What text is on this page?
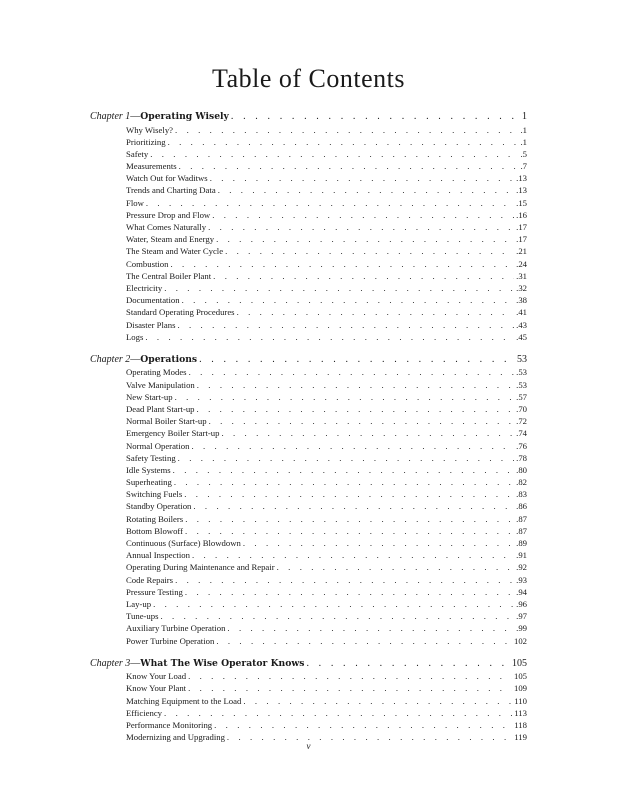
Table of Contents
Chapter 1 — Operating Wisely . . .	1
Why Wisely? . . .	.1
Prioritizing . . .	.1
Safety . . .	.5
Measurements . . .	.7
Watch Out for Waditws . . .	.13
Trends and Charting Data . . .	.13
Flow . . .	.15
Pressure Drop and Flow . . .	.16
What Comes Naturally . . .	.17
Water, Steam and Energy . . .	.17
The Steam and Water Cycle . . .	.21
Combustion . . .	.24
The Central Boiler Plant . . .	.31
Electricity . . .	.32
Documentation . . .	.38
Standard Operating Procedures . . .	.41
Disaster Plans . . .	.43
Logs . . .	.45
Chapter 2 — Operations . . .	53
Operating Modes . . .	.53
Valve Manipulation . . .	.53
New Start-up . . .	.57
Dead Plant Start-up . . .	.70
Normal Boiler Start-up . . .	.72
Emergency Boiler Start-up . . .	.74
Normal Operation . . .	.76
Safety Testing . . .	.78
Idle Systems . . .	.80
Superheating . . .	.82
Switching Fuels . . .	.83
Standby Operation . . .	.86
Rotating Boilers . . .	.87
Bottom Blowoff . . .	.87
Continuous (Surface) Blowdown . . .	.89
Annual Inspection . . .	.91
Operating During Maintenance and Repair . . .	.92
Code Repairs . . .	.93
Pressure Testing . . .	.94
Lay-up . . .	.96
Tune-ups . . .	.97
Auxiliary Turbine Operation . . .	.99
Power Turbine Operation . . .	102
Chapter 3 — What The Wise Operator Knows . . .	105
Know Your Load . . .	105
Know Your Plant . . .	109
Matching Equipment to the Load . . .	110
Efficiency . . .	113
Performance Monitoring . . .	118
Modernizing and Upgrading . . .	119
v
